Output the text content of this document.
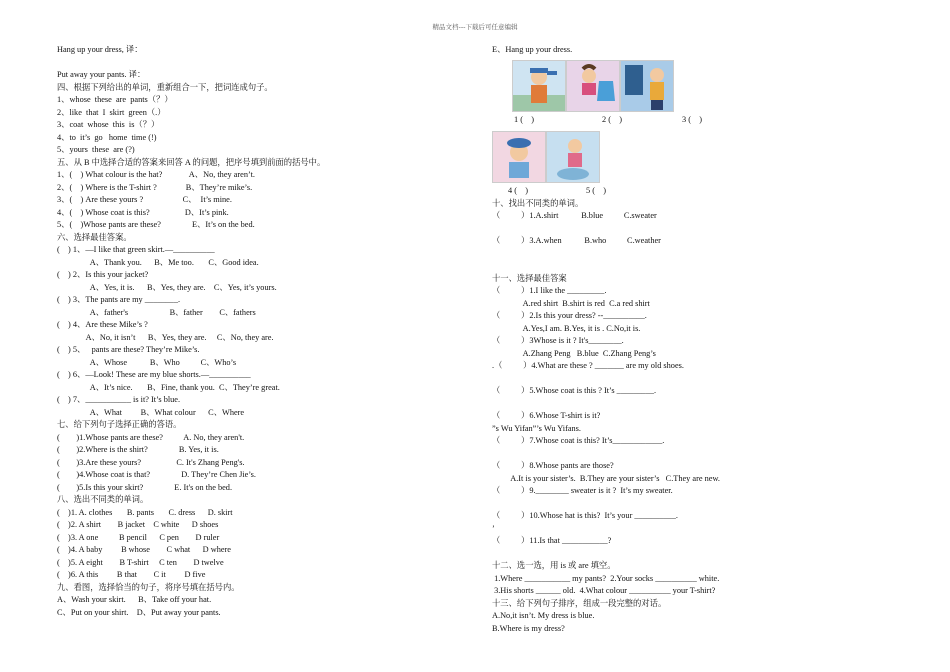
精品文档---下载后可任意编辑
Hang up your dress, 译：
Put away your pants. 译：
四、根据下列给出的单词，重新组合一下，把词连成句子。
1、whose  these  are  pants（？）
2、like  that  I  skirt  green（.）
3、coat  whose  this  is（？）
4、to  it’s  go   home  time (!)
5、yours  these  are (?)
五、从 B 中选择合适的答案来回答 A 的问题，把序号填到前面的括号中。
1、(    ) What colour is the hat?             A、No, they aren’t.
2、(    ) Where is the T-shirt ?              B、They’re mike’s.
3、(    ) Are these yours ?                   C、  It’s mine.
4、(    ) Whose coat is this?                 D、It’s pink.
5、(    )Whose pants are these?               E、It’s on the bed.
六、选择最佳答案。
(    ) 1、—I like that green skirt.—__________
A、Thank you.      B、Me too.       C、Good idea.
(    ) 2、Is this your jacket?
A、Yes, it is.      B、Yes, they are.    C、Yes, it’s yours.
(    ) 3、The pants are my ________.
A、father's                    B、father        C、fathers
(    ) 4、Are these Mike’s ?
A、No, it isn’t      B、Yes, they are.     C、No, they are.
(    ) 5、   pants are these? They’re Mike’s.
A、Whose           B、Who          C、Who’s
(    ) 6、—Look! These are my blue shorts.—__________
A、It’s nice.       B、Fine, thank you.  C、They’re great.
(    ) 7、___________ is it? It’s blue.
A、What         B、What colour      C、Where
七、给下列句子选择正确的答语。
(        )1.Whose pants are these?          A. No, they aren't.
(        )2.Where is the shirt?               B. Yes, it is.
(        )3.Are these yours?                 C. It's Zhang Peng's.
(        )4.Whose coat is that?               D. They’re Chen Jie’s.
(        )5.Is this your skirt?               E. It's on the bed.
八、选出不同类的单词。
(    )1. A. clothes       B. pants       C. dress      D. skirt
(    )2. A shirt        B jacket    C white      D shoes
(    )3. A one          B pencil      C pen        D ruler
(    )4. A baby         B whose        C what      D where
(    )5. A eight        B T-shirt     C ten        D twelve
(    )6. A this         B that        C it         D five
九、看图，选择恰当的句子，将序号填在括号内。
A、Wash your skirt.      B、Take off your hat.
C、Put on your shirt.    D、Put away your pants.
E、Hang up your dress.
1 (    )	2 (    )	3 (    )
4 (    )	5 (    )
十、找出不同类的单词。
（          ）1.A.shirt           B.blue          C.sweater
（          ）3.A.when           B.who          C.weather
十一、选择最佳答案
（          ）1.I like the _________.
A.red shirt  B.shirt is red  C.a red shirt
（          ）2.Is this your dress? --__________.
A.Yes,I am. B.Yes, it is . C.No,it is.
（          ）3Whose is it ? It's________.
A.Zhang Peng   B.blue  C.Zhang Peng’s
.（          ）4.What are these ? _______ are my old shoes.
（          ）5.Whose coat is this ? It’s _________.
（          ）6.Whose T-shirt is it?
”s Wu Yifan”’s Wu Yifans.
（          ）7.Whose coat is this? It’s____________.
（          ）8.Whose pants are those?
A.It is your sister’s.  B.They are your sister’s   C.They are new.
（          ）9.________ sweater is it ?  It’s my sweater.
（          ）10.Whose hat is this?  It’s your __________.
’
（          ）11.Is that ___________?
十二、选一选，用 is 或 are 填空。
1.Where ___________ my pants?  2.Your socks __________ white.
3.His shorts ______ old.  4.What colour __________ your T-shirt?
十三、给下列句子排序，组成一段完整的对话。
A.No,it isn’t. My dress is blue.
B.Where is my dress?
